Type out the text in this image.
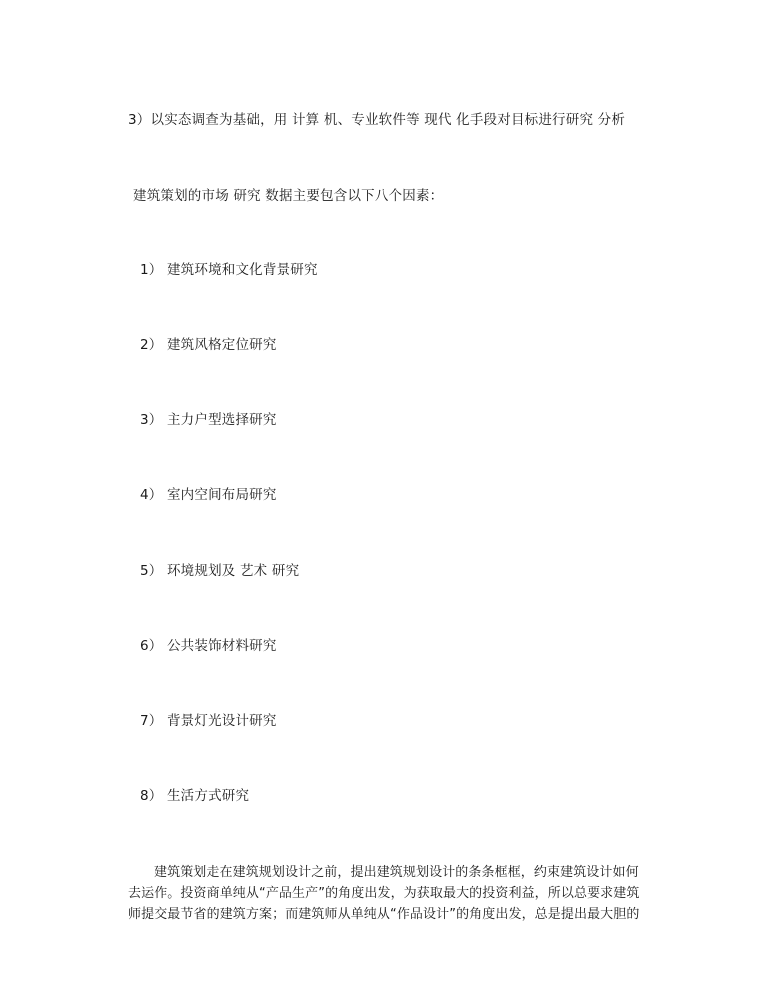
3）以实态调查为基础，用 计算 机、专业软件等 现代 化手段对目标进行研究 分析
建筑策划的市场 研究 数据主要包含以下八个因素：
1） 建筑环境和文化背景研究
2） 建筑风格定位研究
3） 主力户型选择研究
4） 室内空间布局研究
5） 环境规划及 艺术 研究
6） 公共装饰材料研究
7） 背景灯光设计研究
8） 生活方式研究
建筑策划走在建筑规划设计之前，提出建筑规划设计的条条框框，约束建筑设计如何
去运作。投资商单纯从“产品生产”的角度出发，为获取最大的投资利益，所以总要求建筑
师提交最节省的建筑方案；而建筑师从单纯从“作品设计”的角度出发，总是提出最大胆的
